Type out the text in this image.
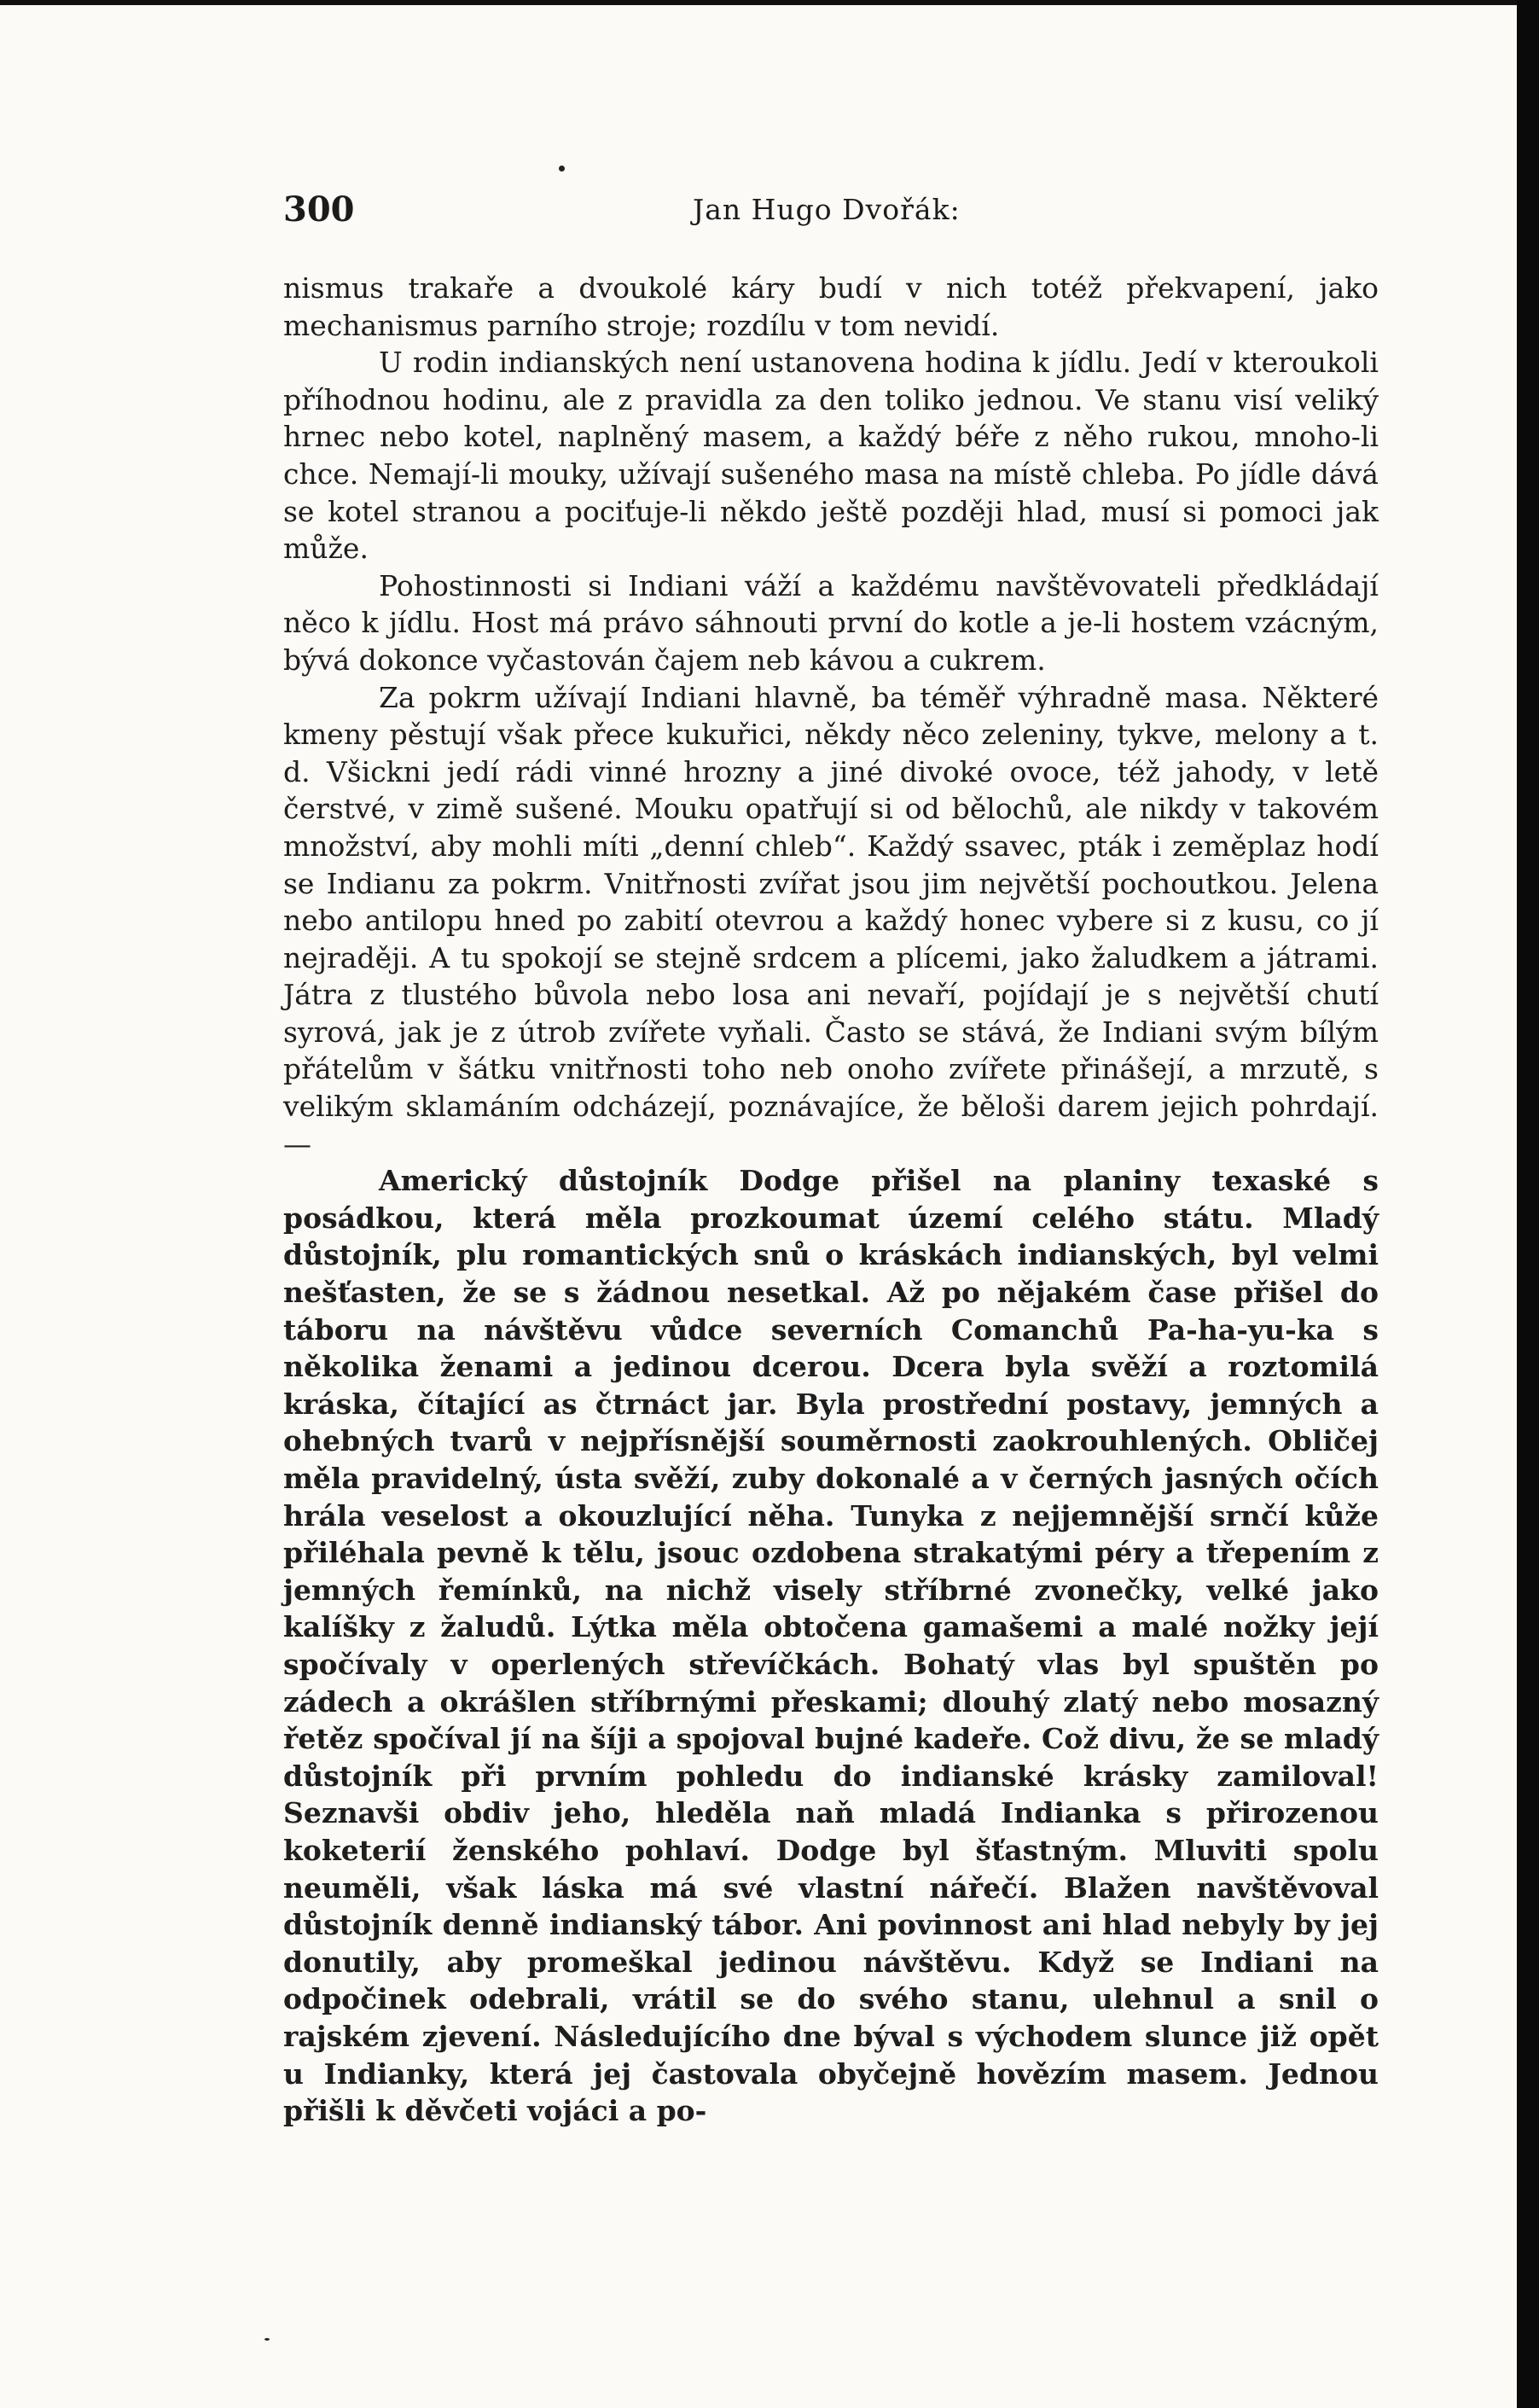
300	Jan Hugo Dvořák:

nismus trakaře a dvoukolé káry budí v nich totéž překvapení, jako mechanismus parního stroje; rozdílu v tom nevidí.

U rodin indianských není ustanovena hodina k jídlu. Jedí v kteroukoli příhodnou hodinu, ale z pravidla za den toliko jednou. Ve stanu visí veliký hrnec nebo kotel, naplněný masem, a každý béře z něho rukou, mnoho-li chce. Nemají-li mouky, užívají sušeného masa na místě chleba. Po jídle dává se kotel stranou a pociťuje-li někdo ještě později hlad, musí si pomoci jak může.

Pohostinnosti si Indiani váží a každému navštěvovateli předkládají něco k jídlu. Host má právo sáhnouti první do kotle a je-li hostem vzácným, bývá dokonce vyčastován čajem neb kávou a cukrem.

Za pokrm užívají Indiani hlavně, ba téměř výhradně masa. Některé kmeny pěstují však přece kukuřici, někdy něco zeleniny, tykve, melony a t. d. Všickni jedí rádi vinné hrozny a jiné divoké ovoce, též jahody, v letě čerstvé, v zimě sušené. Mouku opatřují si od bělochů, ale nikdy v takovém množství, aby mohli míti „denní chleb“. Každý ssavec, pták i zeměplaz hodí se Indianu za pokrm. Vnitřnosti zvířat jsou jim největší pochoutkou. Jelena nebo antilopu hned po zabití otevrou a každý honec vybere si z kusu, co jí nejraději. A tu spokojí se stejně srdcem a plícemi, jako žaludkem a játrami. Játra z tlustého bůvola nebo losa ani nevaří, pojídají je s největší chutí syrová, jak je z útrob zvířete vyňali. Často se stává, že Indiani svým bílým přátelům v šátku vnitřnosti toho neb onoho zvířete přinášejí, a mrzutě, s velikým sklamáním odcházejí, poznávajíce, že běloši darem jejich pohrdají. —

Americký důstojník Dodge přišel na planiny texaské s posádkou, která měla prozkoumat území celého státu. Mladý důstojník, plu romantických snů o kráskách indianských, byl velmi nešťasten, že se s žádnou nesetkal. Až po nějakém čase přišel do táboru na návštěvu vůdce severních Comanchů Pa-ha-yu-ka s několika ženami a jedinou dcerou. Dcera byla svěží a roztomilá kráska, čítající as čtrnáct jar. Byla prostřední postavy, jemných a ohebných tvarů v nejpřísnější souměrnosti zaokrouhlených. Obličej měla pravidelný, ústa svěží, zuby dokonalé a v černých jasných očích hrála veselost a okouzlující něha. Tunyka z nejjemnější srnčí kůže přiléhala pevně k tělu, jsouc ozdobena strakatými péry a třepením z jemných řemínků, na nichž visely stříbrné zvonečky, velké jako kalíšky z žaludů. Lýtka měla obtočena gamašemi a malé nožky její spočívaly v operlených střevíčkách. Bohatý vlas byl spuštěn po zádech a okrášlen stříbrnými přeskami; dlouhý zlatý nebo mosazný řetěz spočíval jí na šíji a spojoval bujné kadeře. Což divu, že se mladý důstojník při prvním pohledu do indianské krásky zamiloval! Seznavši obdiv jeho, hleděla naň mladá Indianka s přirozenou koketerií ženského pohlaví. Dodge byl šťastným. Mluviti spolu neuměli, však láska má své vlastní nářečí. Blažen navštěvoval důstojník denně indianský tábor. Ani povinnost ani hlad nebyly by jej donutily, aby promeškal jedinou návštěvu. Když se Indiani na odpočinek odebrali, vrátil se do svého stanu, ulehnul a snil o rajském zjevení. Následujícího dne býval s východem slunce již opět u Indianky, která jej častovala obyčejně hovězím masem. Jednou přišli k děvčeti vojáci a po-
